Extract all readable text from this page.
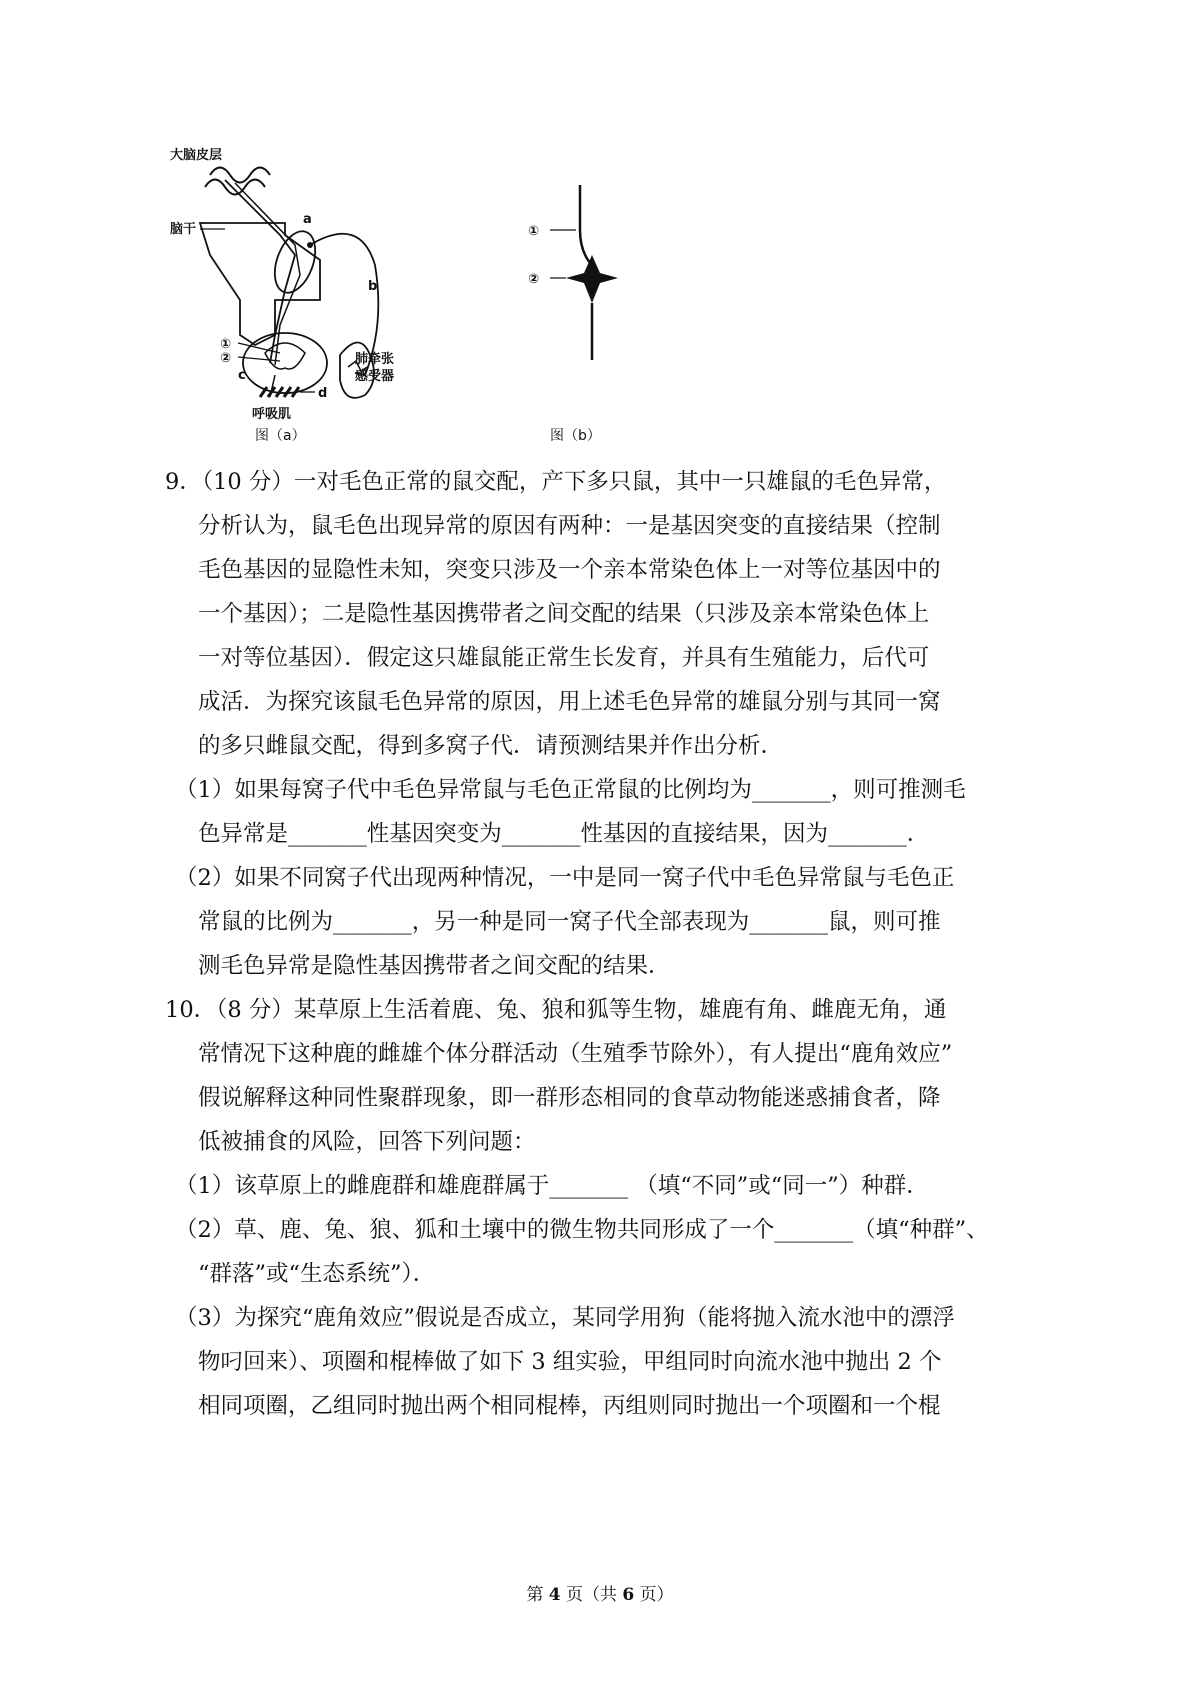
大脑皮层
脑干
a
b
c
d
①
②	肺牵张
感受器
呼吸肌
图（a）
①
②
图（b）
9．（10 分）一对毛色正常的鼠交配，产下多只鼠，其中一只雄鼠的毛色异常，
分析认为，鼠毛色出现异常的原因有两种：一是基因突变的直接结果（控制
毛色基因的显隐性未知，突变只涉及一个亲本常染色体上一对等位基因中的
一个基因）；二是隐性基因携带者之间交配的结果（只涉及亲本常染色体上
一对等位基因）．假定这只雄鼠能正常生长发育，并具有生殖能力，后代可
成活．为探究该鼠毛色异常的原因，用上述毛色异常的雄鼠分别与其同一窝
的多只雌鼠交配，得到多窝子代．请预测结果并作出分析．
（1）如果每窝子代中毛色异常鼠与毛色正常鼠的比例均为_______，则可推测毛
色异常是_______性基因突变为_______性基因的直接结果，因为_______．
（2）如果不同窝子代出现两种情况，一中是同一窝子代中毛色异常鼠与毛色正
常鼠的比例为_______，另一种是同一窝子代全部表现为_______鼠，则可推
测毛色异常是隐性基因携带者之间交配的结果．
10．（8 分）某草原上生活着鹿、兔、狼和狐等生物，雄鹿有角、雌鹿无角，通
常情况下这种鹿的雌雄个体分群活动（生殖季节除外），有人提出“鹿角效应”
假说解释这种同性聚群现象，即一群形态相同的食草动物能迷惑捕食者，降
低被捕食的风险，回答下列问题：
（1）该草原上的雌鹿群和雄鹿群属于_______ （填“不同”或“同一”）种群．
（2）草、鹿、兔、狼、狐和土壤中的微生物共同形成了一个_______（填“种群”、
“群落”或“生态系统”）．
（3）为探究“鹿角效应”假说是否成立，某同学用狗（能将抛入流水池中的漂浮
物叼回来）、项圈和棍棒做了如下 3 组实验，甲组同时向流水池中抛出 2 个
相同项圈，乙组同时抛出两个相同棍棒，丙组则同时抛出一个项圈和一个棍
第 4 页（共 6 页）
